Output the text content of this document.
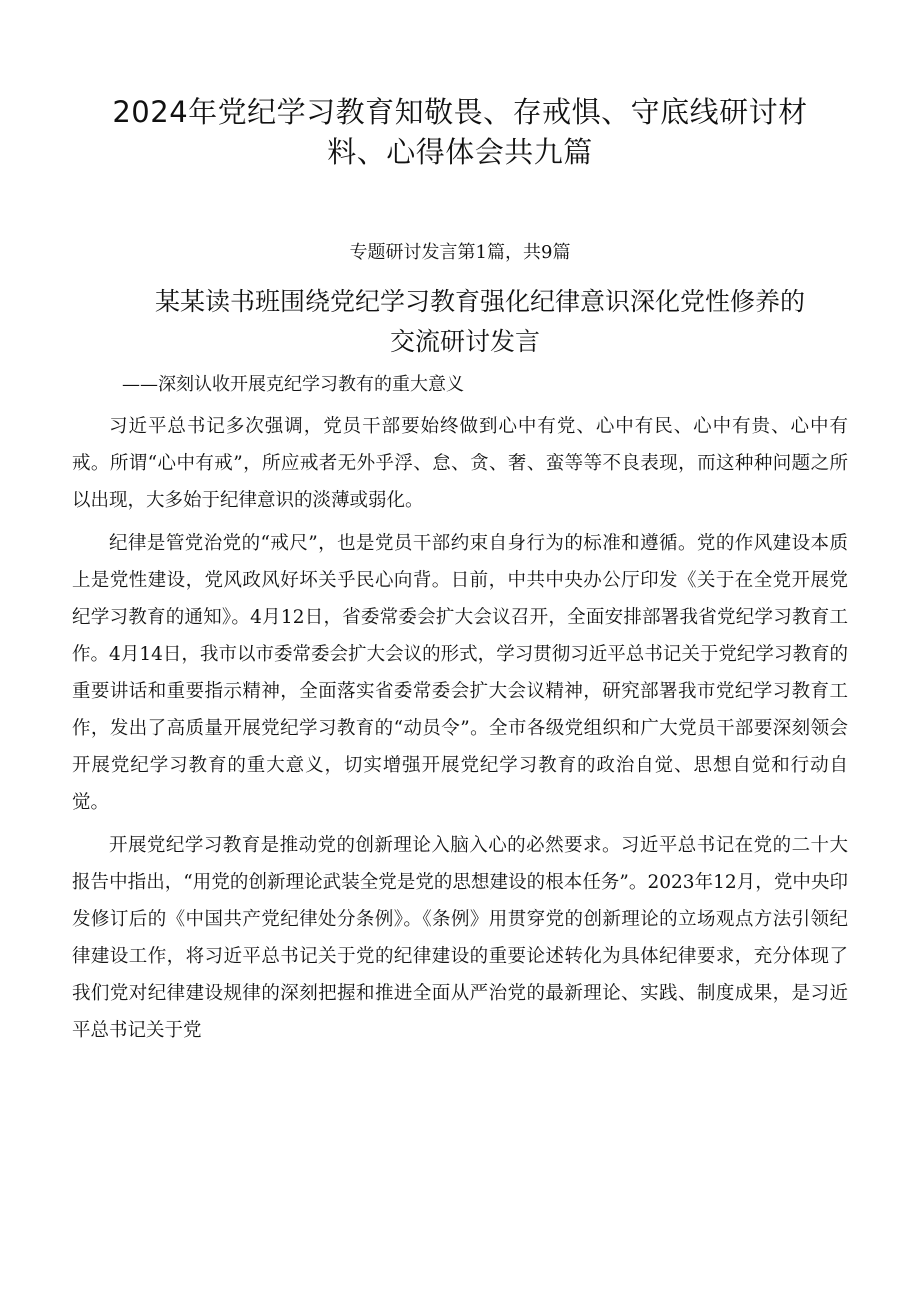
2024年党纪学习教育知敬畏、存戒惧、守底线研讨材
料、心得体会共九篇
专题研讨发言第1篇，共9篇
某某读书班围绕党纪学习教育强化纪律意识深化党性修养的
交流研讨发言
——深刻认收开展克纪学习教有的重大意义

习近平总书记多次强调，党员干部要始终做到心中有党、心中有民、心中有贵、心中有戒。所谓“心中有戒”，所应戒者无外乎浮、怠、贪、奢、蛮等等不良表现，而这种种问题之所以出现，大多始于纪律意识的淡薄或弱化。

纪律是管党治党的“戒尺”，也是党员干部约束自身行为的标准和遵循。党的作风建设本质上是党性建设，党风政风好坏关乎民心向背。日前，中共中央办公厅印发《关于在全党开展党纪学习教育的通知》。4月12日，省委常委会扩大会议召开，全面安排部署我省党纪学习教育工作。4月14日，我市以市委常委会扩大会议的形式，学习贯彻习近平总书记关于党纪学习教育的重要讲话和重要指示精神，全面落实省委常委会扩大会议精神，研究部署我市党纪学习教育工作，发出了高质量开展党纪学习教育的“动员令”。全市各级党组织和广大党员干部要深刻领会开展党纪学习教育的重大意义，切实增强开展党纪学习教育的政治自觉、思想自觉和行动自觉。

开展党纪学习教育是推动党的创新理论入脑入心的必然要求。习近平总书记在党的二十大报告中指出，“用党的创新理论武装全党是党的思想建设的根本任务”。2023年12月，党中央印发修订后的《中国共产党纪律处分条例》。《条例》用贯穿党的创新理论的立场观点方法引领纪律建设工作，将习近平总书记关于党的纪律建设的重要论述转化为具体纪律要求，充分体现了我们党对纪律建设规律的深刻把握和推进全面从严治党的最新理论、实践、制度成果，是习近平总书记关于党
